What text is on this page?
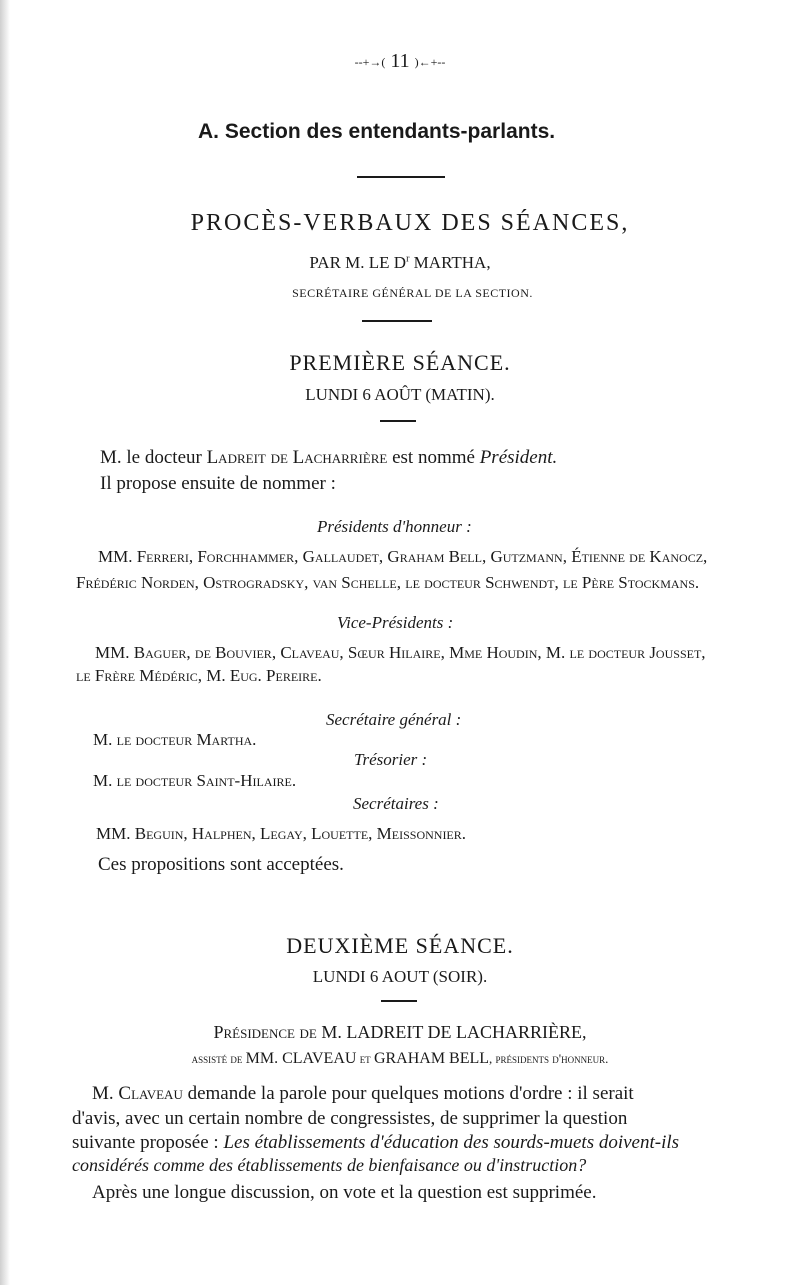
--+→( 11 )←+--
A. Section des entendants-parlants.
PROCÈS-VERBAUX DES SÉANCES,
PAR M. LE $D^r$ MARTHA,
SECRÉTAIRE GÉNÉRAL DE LA SECTION.
PREMIÈRE SÉANCE.
LUNDI 6 AOÛT (MATIN).
M. le docteur Ladreit de Lacharrière est nommé Président.
Il propose ensuite de nommer :
Présidents d'honneur :
MM. Ferreri, Forchhammer, Gallaudet, Graham Bell, Gutzmann, Étienne de Kanocz,
Frédéric Norden, Ostrogradsky, van Schelle, le docteur Schwendt, le Père Stockmans.
Vice-Présidents :
MM. Baguer, de Bouvier, Claveau, Sœur Hilaire, Mme Houdin, M. le docteur Jousset,
le Frère Médéric, M. Eug. Pereire.
Secrétaire général :
M. le docteur Martha.
Trésorier :
M. le docteur Saint-Hilaire.
Secrétaires :
MM. Beguin, Halphen, Legay, Louette, Meissonnier.
Ces propositions sont acceptées.
DEUXIÈME SÉANCE.
LUNDI 6 AOUT (SOIR).
Présidence de M. LADREIT DE LACHARRIÈRE,
assisté de MM. CLAVEAU et GRAHAM BELL, présidents d'honneur.
M. Claveau demande la parole pour quelques motions d'ordre : il serait
d'avis, avec un certain nombre de congressistes, de supprimer la question
suivante proposée : Les établissements d'éducation des sourds-muets doivent-ils
considérés comme des établissements de bienfaisance ou d'instruction?
Après une longue discussion, on vote et la question est supprimée.
